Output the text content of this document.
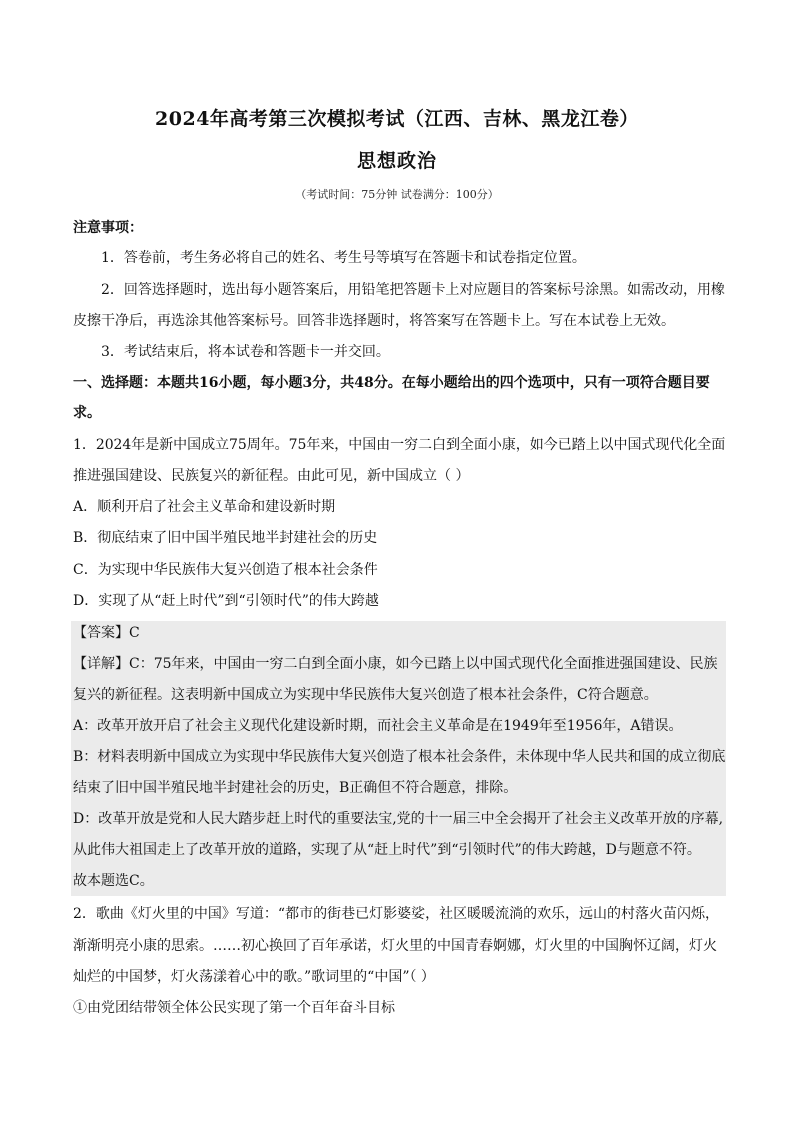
2024年高考第三次模拟考试（江西、吉林、黑龙江卷）
思想政治
（考试时间：75分钟 试卷满分：100分）
注意事项：
1．答卷前，考生务必将自己的姓名、考生号等填写在答题卡和试卷指定位置。
2．回答选择题时，选出每小题答案后，用铅笔把答题卡上对应题目的答案标号涂黑。如需改动，用橡
皮擦干净后，再选涂其他答案标号。回答非选择题时，将答案写在答题卡上。写在本试卷上无效。
3．考试结束后，将本试卷和答题卡一并交回。
一、选择题：本题共16小题，每小题3分，共48分。在每小题给出的四个选项中，只有一项符合题目要
求。
1．2024年是新中国成立75周年。75年来，中国由一穷二白到全面小康，如今已踏上以中国式现代化全面
推进强国建设、民族复兴的新征程。由此可见，新中国成立（ ）
A．顺利开启了社会主义革命和建设新时期
B．彻底结束了旧中国半殖民地半封建社会的历史
C．为实现中华民族伟大复兴创造了根本社会条件
D．实现了从“赶上时代”到“引领时代”的伟大跨越
【答案】C
【详解】C：75年来，中国由一穷二白到全面小康，如今已踏上以中国式现代化全面推进强国建设、民族
复兴的新征程。这表明新中国成立为实现中华民族伟大复兴创造了根本社会条件，C符合题意。
A：改革开放开启了社会主义现代化建设新时期，而社会主义革命是在1949年至1956年，A错误。
B：材料表明新中国成立为实现中华民族伟大复兴创造了根本社会条件，未体现中华人民共和国的成立彻底
结束了旧中国半殖民地半封建社会的历史，B正确但不符合题意，排除。
D：改革开放是党和人民大踏步赶上时代的重要法宝,党的十一届三中全会揭开了社会主义改革开放的序幕,
从此伟大祖国走上了改革开放的道路，实现了从“赶上时代”到“引领时代”的伟大跨越，D与题意不符。
故本题选C。
2．歌曲《灯火里的中国》写道：“都市的街巷已灯影婆娑，社区暖暖流淌的欢乐，远山的村落火苗闪烁，
渐渐明亮小康的思索。……初心换回了百年承诺，灯火里的中国青春婀娜，灯火里的中国胸怀辽阔，灯火
灿烂的中国梦，灯火荡漾着心中的歌。”歌词里的“中国”（ ）
①由党团结带领全体公民实现了第一个百年奋斗目标
